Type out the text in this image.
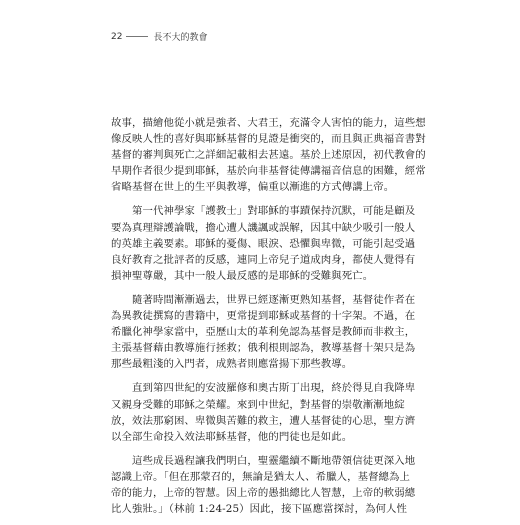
22	長不大的教會
故事，描繪他從小就是強者、大君王，充滿令人害怕的能力，這些想
像反映人性的喜好與耶穌基督的見證是衝突的，而且與正典福音書對
基督的審判與死亡之詳細記載相去甚遠。基於上述原因，初代教會的
早期作者很少提到耶穌，基於向非基督徒傳講福音信息的困難，經常
省略基督在世上的生平與教導，偏重以漸進的方式傳講上帝。
第一代神學家「護教士」對耶穌的事蹟保持沉默，可能是顧及
要為真理辯護論戰，擔心遭人譏諷或誤解，因其中缺少吸引一般人
的英雄主義要素。耶穌的憂傷、眼淚、恐懼與卑微，可能引起受過
良好教育之批評者的反感，連同上帝兒子道成肉身，都使人覺得有
損神聖尊嚴，其中一般人最反感的是耶穌的受難與死亡。
隨著時間漸漸過去，世界已經逐漸更熟知基督，基督徒作者在
為異教徒撰寫的書籍中，更常提到耶穌或基督的十字架。不過，在
希臘化神學家當中，亞歷山太的革利免認為基督是教師而非救主，
主張基督藉由教導施行拯救；俄利根則認為，教導基督十架只是為
那些最粗淺的入門者，成熟者則應當揚下那些教導。
直到第四世紀的安波羅修和奧古斯丁出現，終於得見自我降卑
又親身受難的耶穌之榮耀。來到中世紀，對基督的崇敬漸漸地綻
放，效法那窮困、卑微與苦難的救主，遭人基督徒的心思，聖方濟
以全部生命投入效法耶穌基督，他的門徒也是如此。
這些成長過程讓我們明白，聖靈繼續不斷地帶領信徒更深入地
認識上帝。「但在那蒙召的，無論是猶太人、希臘人，基督總為上
帝的能力，上帝的智慧。因上帝的愚拙總比人智慧，上帝的軟弱總
比人強壯。」（林前 1:24-25）因此，接下區應當探討，為何人性
